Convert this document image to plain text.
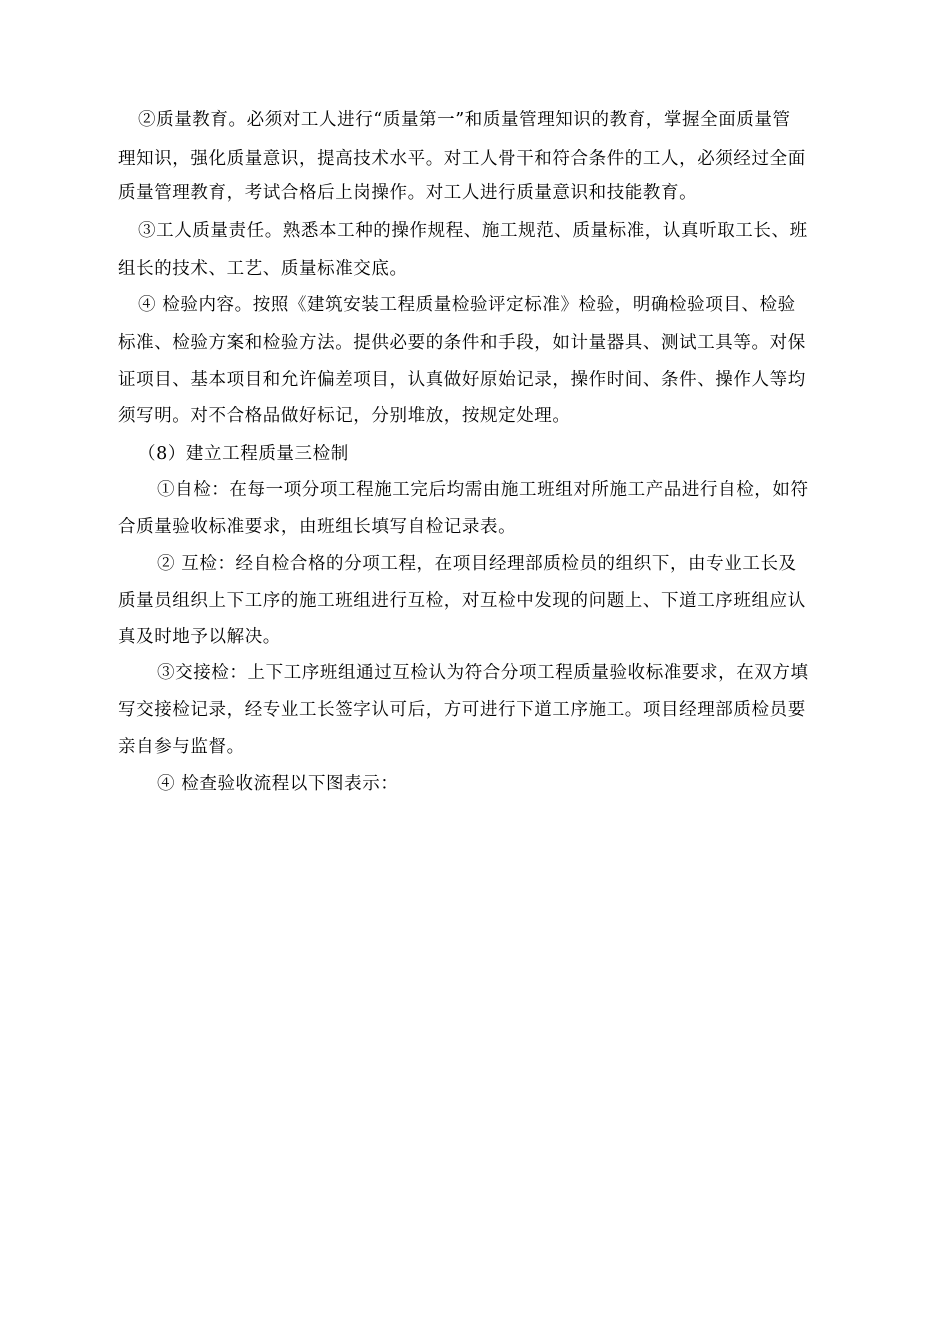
②质量教育。必须对工人进行“质量第一”和质量管理知识的教育，掌握全面质量管
理知识，强化质量意识，提高技术水平。对工人骨干和符合条件的工人，必须经过全面
质量管理教育，考试合格后上岗操作。对工人进行质量意识和技能教育。
③工人质量责任。熟悉本工种的操作规程、施工规范、质量标准，认真听取工长、班
组长的技术、工艺、质量标准交底。
④ 检验内容。按照《建筑安装工程质量检验评定标准》检验，明确检验项目、检验
标准、检验方案和检验方法。提供必要的条件和手段，如计量器具、测试工具等。对保
证项目、基本项目和允许偏差项目，认真做好原始记录，操作时间、条件、操作人等均
须写明。对不合格品做好标记，分别堆放，按规定处理。
（8）建立工程质量三检制
①自检：在每一项分项工程施工完后均需由施工班组对所施工产品进行自检，如符
合质量验收标准要求，由班组长填写自检记录表。
② 互检：经自检合格的分项工程，在项目经理部质检员的组织下，由专业工长及
质量员组织上下工序的施工班组进行互检，对互检中发现的问题上、下道工序班组应认
真及时地予以解决。
③交接检：上下工序班组通过互检认为符合分项工程质量验收标准要求，在双方填
写交接检记录，经专业工长签字认可后，方可进行下道工序施工。项目经理部质检员要
亲自参与监督。
④ 检查验收流程以下图表示：
